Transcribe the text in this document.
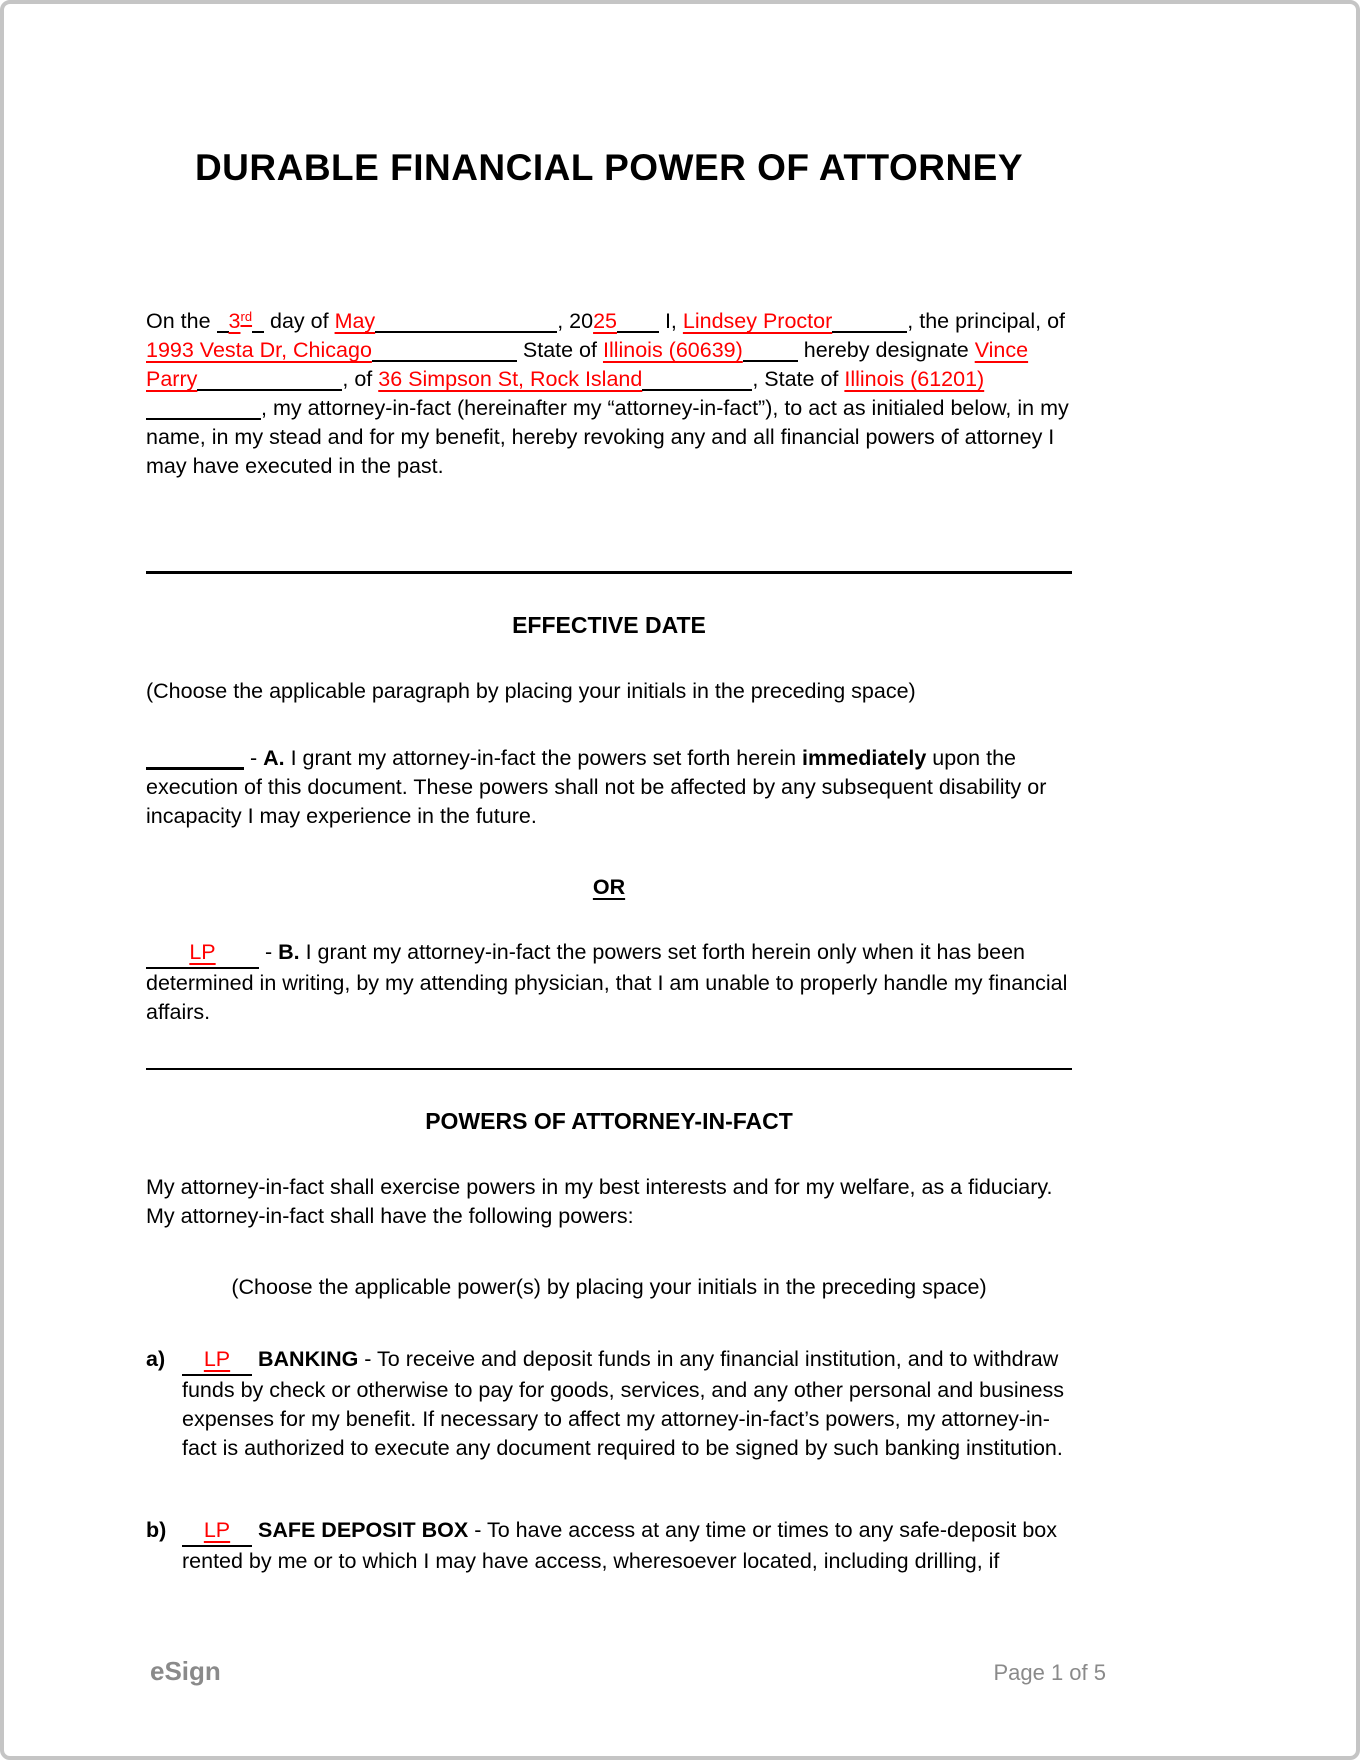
DURABLE FINANCIAL POWER OF ATTORNEY

On the 3rd day of May	, 2025 I, Lindsey Proctor	, the principal, of 1993 Vesta Dr, Chicago	State of Illinois (60639)	hereby designate Vince Parry	, of 36 Simpson St, Rock Island	, State of Illinois (61201), my attorney-in-fact (hereinafter my “attorney-in-fact”), to act as initialed below, in my name, in my stead and for my benefit, hereby revoking any and all financial powers of attorney I may have executed in the past.

EFFECTIVE DATE

(Choose the applicable paragraph by placing your initials in the preceding space)

- A. I grant my attorney-in-fact the powers set forth herein immediately upon the execution of this document. These powers shall not be affected by any subsequent disability or incapacity I may experience in the future.

OR

LP - B. I grant my attorney-in-fact the powers set forth herein only when it has been determined in writing, by my attending physician, that I am unable to properly handle my financial affairs.

POWERS OF ATTORNEY-IN-FACT

My attorney-in-fact shall exercise powers in my best interests and for my welfare, as a fiduciary. My attorney-in-fact shall have the following powers:

(Choose the applicable power(s) by placing your initials in the preceding space)

a)	LP BANKING - To receive and deposit funds in any financial institution, and to withdraw funds by check or otherwise to pay for goods, services, and any other personal and business expenses for my benefit. If necessary to affect my attorney-in-fact’s powers, my attorney-in-fact is authorized to execute any document required to be signed by such banking institution.
b)	LP SAFE DEPOSIT BOX - To have access at any time or times to any safe-deposit box rented by me or to which I may have access, wheresoever located, including drilling, if
eSign	Page 1 of 5
